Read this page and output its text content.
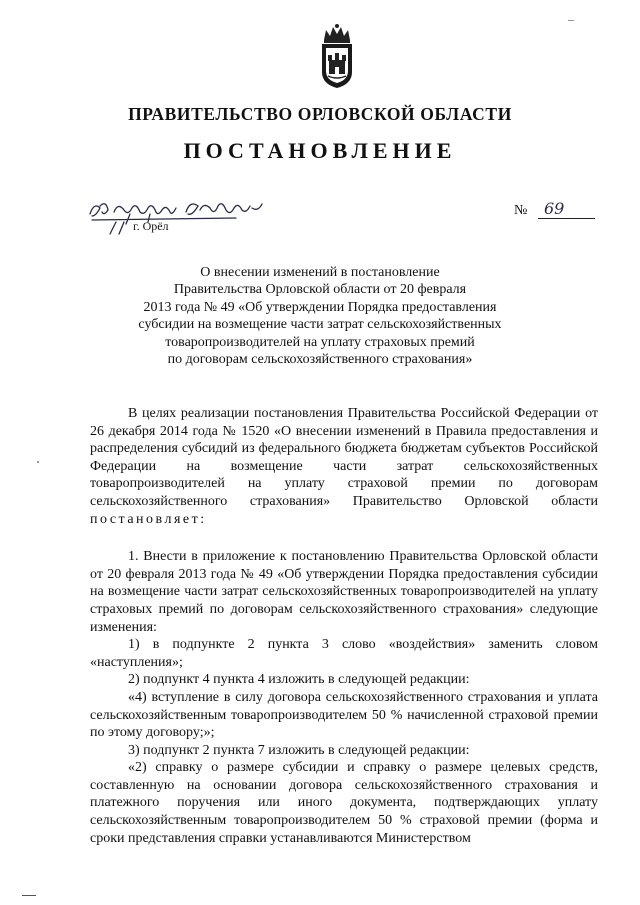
ПРАВИТЕЛЬСТВО ОРЛОВСКОЙ ОБЛАСТИ
ПОСТАНОВЛЕНИЕ
г. Орёл
№ 69
О внесении изменений в постановление
Правительства Орловской области от 20 февраля
2013 года № 49 «Об утверждении Порядка предоставления
субсидии на возмещение части затрат сельскохозяйственных
товаропроизводителей на уплату страховых премий
по договорам сельскохозяйственного страхования»

В целях реализации постановления Правительства Российской Федерации от 26 декабря 2014 года № 1520 «О внесении изменений в Правила предоставления и распределения субсидий из федерального бюджета бюджетам субъектов Российской Федерации на возмещение части затрат сельскохозяйственных товаропроизводителей на уплату страховой премии по договорам сельскохозяйственного страхования» Правительство Орловской области постановляет:

1. Внести в приложение к постановлению Правительства Орловской области от 20 февраля 2013 года № 49 «Об утверждении Порядка предоставления субсидии на возмещение части затрат сельскохозяйственных товаропроизводителей на уплату страховых премий по договорам сельскохозяйственного страхования» следующие изменения:

1) в подпункте 2 пункта 3 слово «воздействия» заменить словом «наступления»;

2) подпункт 4 пункта 4 изложить в следующей редакции:

«4) вступление в силу договора сельскохозяйственного страхования и уплата сельскохозяйственным товаропроизводителем 50 % начисленной страховой премии по этому договору;»;

3) подпункт 2 пункта 7 изложить в следующей редакции:

«2) справку о размере субсидии и справку о размере целевых средств, составленную на основании договора сельскохозяйственного страхования и платежного поручения или иного документа, подтверждающих уплату сельскохозяйственным товаропроизводителем 50 % страховой премии (форма и сроки представления справки устанавливаются Министерством
